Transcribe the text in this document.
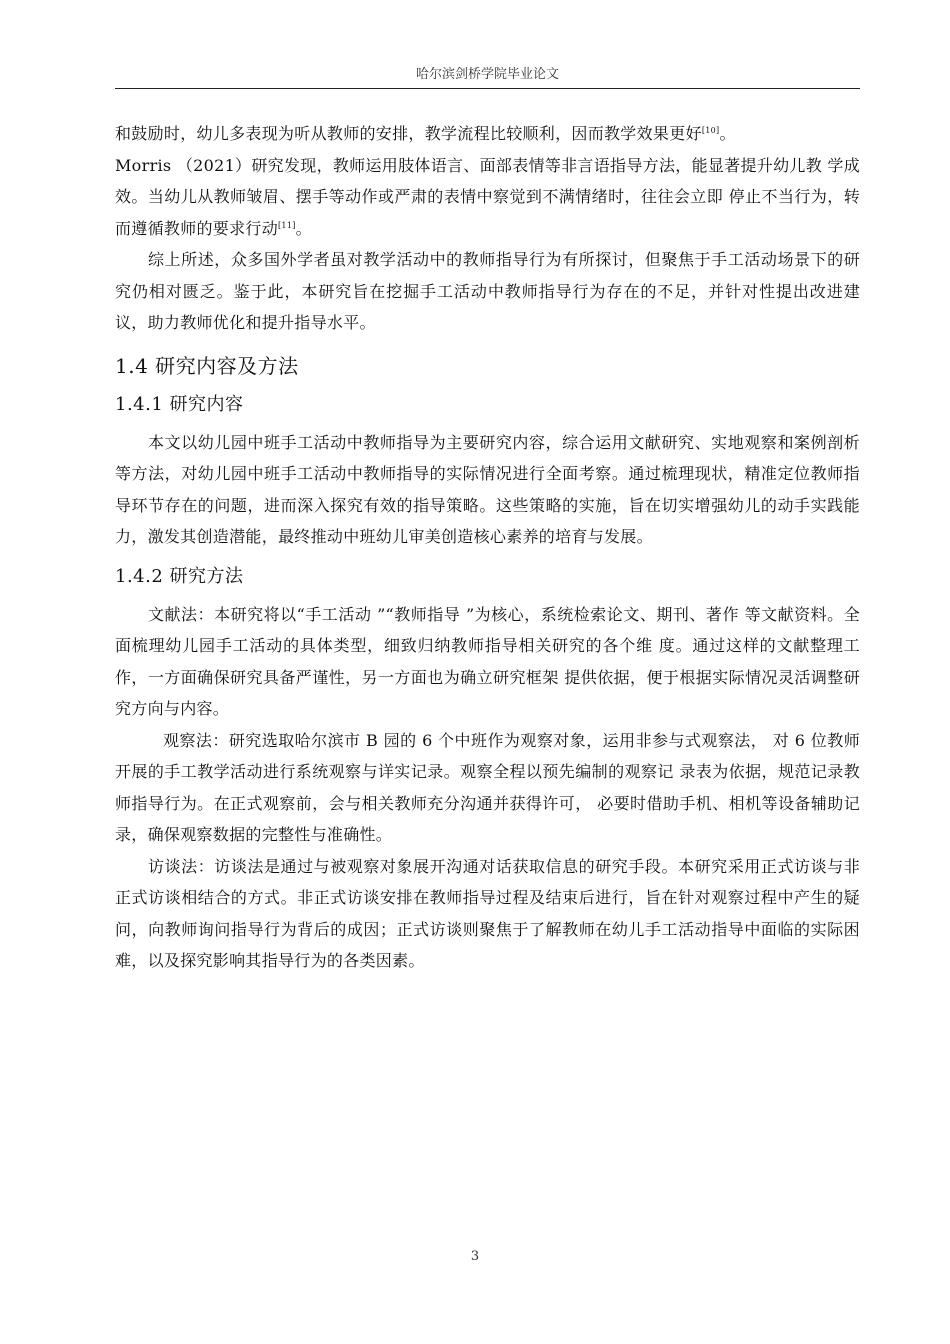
哈尔滨剑桥学院毕业论文

和鼓励时，幼儿多表现为听从教师的安排，教学流程比较顺利，因而教学效果更好[10]。

Morris （2021）研究发现，教师运用肢体语言、面部表情等非言语指导方法，能显著提升幼儿教 学成效。当幼儿从教师皱眉、摆手等动作或严肃的表情中察觉到不满情绪时，往往会立即 停止不当行为，转而遵循教师的要求行动[11]。

综上所述，众多国外学者虽对教学活动中的教师指导行为有所探讨，但聚焦于手工活动场景下的研究仍相对匮乏。鉴于此，本研究旨在挖掘手工活动中教师指导行为存在的不足，并针对性提出改进建议，助力教师优化和提升指导水平。

1.4 研究内容及方法
1.4.1 研究内容

本文以幼儿园中班手工活动中教师指导为主要研究内容，综合运用文献研究、实地观察和案例剖析等方法，对幼儿园中班手工活动中教师指导的实际情况进行全面考察。通过梳理现状，精准定位教师指导环节存在的问题，进而深入探究有效的指导策略。这些策略的实施，旨在切实增强幼儿的动手实践能力，激发其创造潜能，最终推动中班幼儿审美创造核心素养的培育与发展。

1.4.2 研究方法

文献法：本研究将以“手工活动 ”“教师指导 ”为核心，系统检索论文、期刊、著作 等文献资料。全面梳理幼儿园手工活动的具体类型，细致归纳教师指导相关研究的各个维 度。通过这样的文献整理工作，一方面确保研究具备严谨性，另一方面也为确立研究框架 提供依据，便于根据实际情况灵活调整研究方向与内容。

观察法：研究选取哈尔滨市 B 园的 6 个中班作为观察对象，运用非参与式观察法， 对 6 位教师开展的手工教学活动进行系统观察与详实记录。观察全程以预先编制的观察记 录表为依据，规范记录教师指导行为。在正式观察前，会与相关教师充分沟通并获得许可， 必要时借助手机、相机等设备辅助记录，确保观察数据的完整性与准确性。

访谈法：访谈法是通过与被观察对象展开沟通对话获取信息的研究手段。本研究采用正式访谈与非正式访谈相结合的方式。非正式访谈安排在教师指导过程及结束后进行，旨在针对观察过程中产生的疑问，向教师询问指导行为背后的成因；正式访谈则聚焦于了解教师在幼儿手工活动指导中面临的实际困难，以及探究影响其指导行为的各类因素。

3
